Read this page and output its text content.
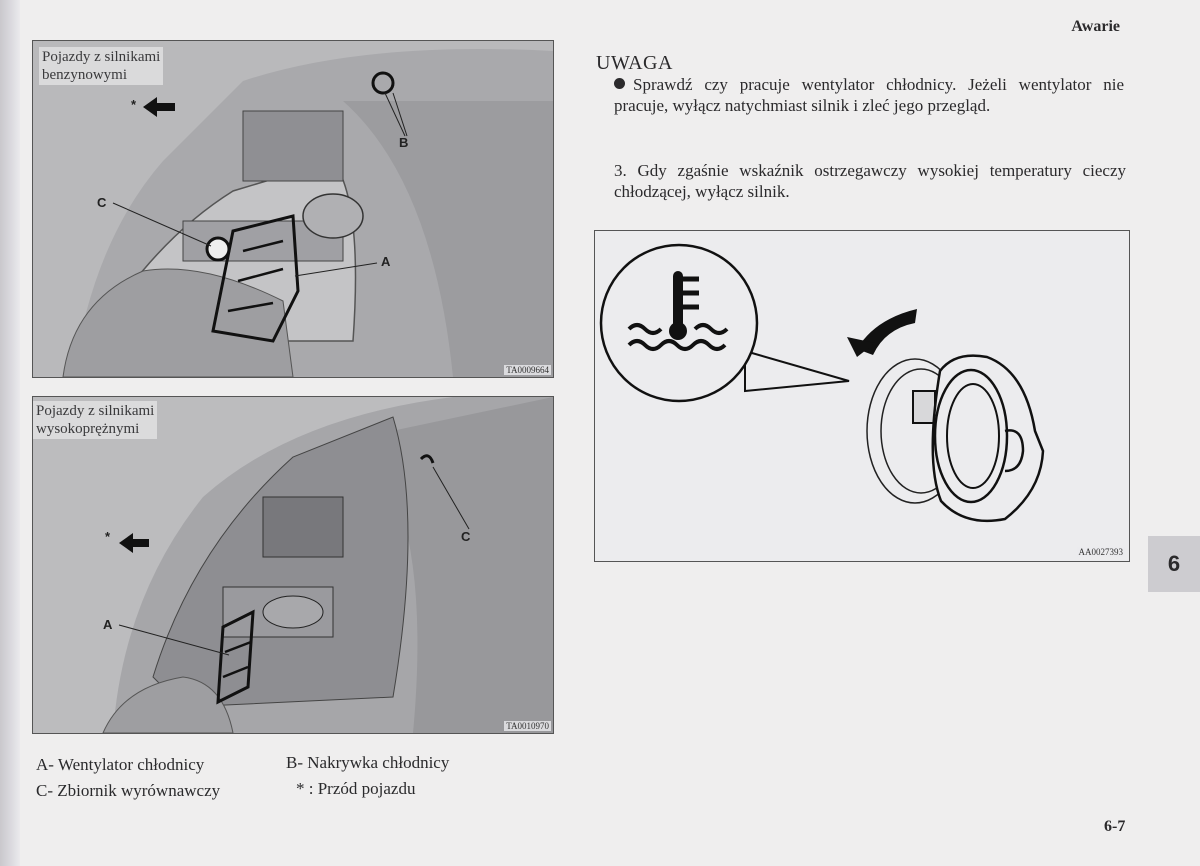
Awarie
Pojazdy z silnikami
benzynowymi
*
B
C
A
TA0009664
Pojazdy z silnikami
wysokoprężnymi
*	C
A
TA0010970
A- Wentylator chłodnicy
C- Zbiornik wyrównawczy
B- Nakrywka chłodnicy
* : Przód pojazdu
UWAGA
Sprawdź czy pracuje wentylator chłodnicy. Jeżeli wentylator nie pracuje, wyłącz natychmiast silnik i zleć jego przegląd.
3. Gdy zgaśnie wskaźnik ostrzegawczy wysokiej temperatury cieczy chłodzącej, wyłącz silnik.
AA0027393	6
6-7
